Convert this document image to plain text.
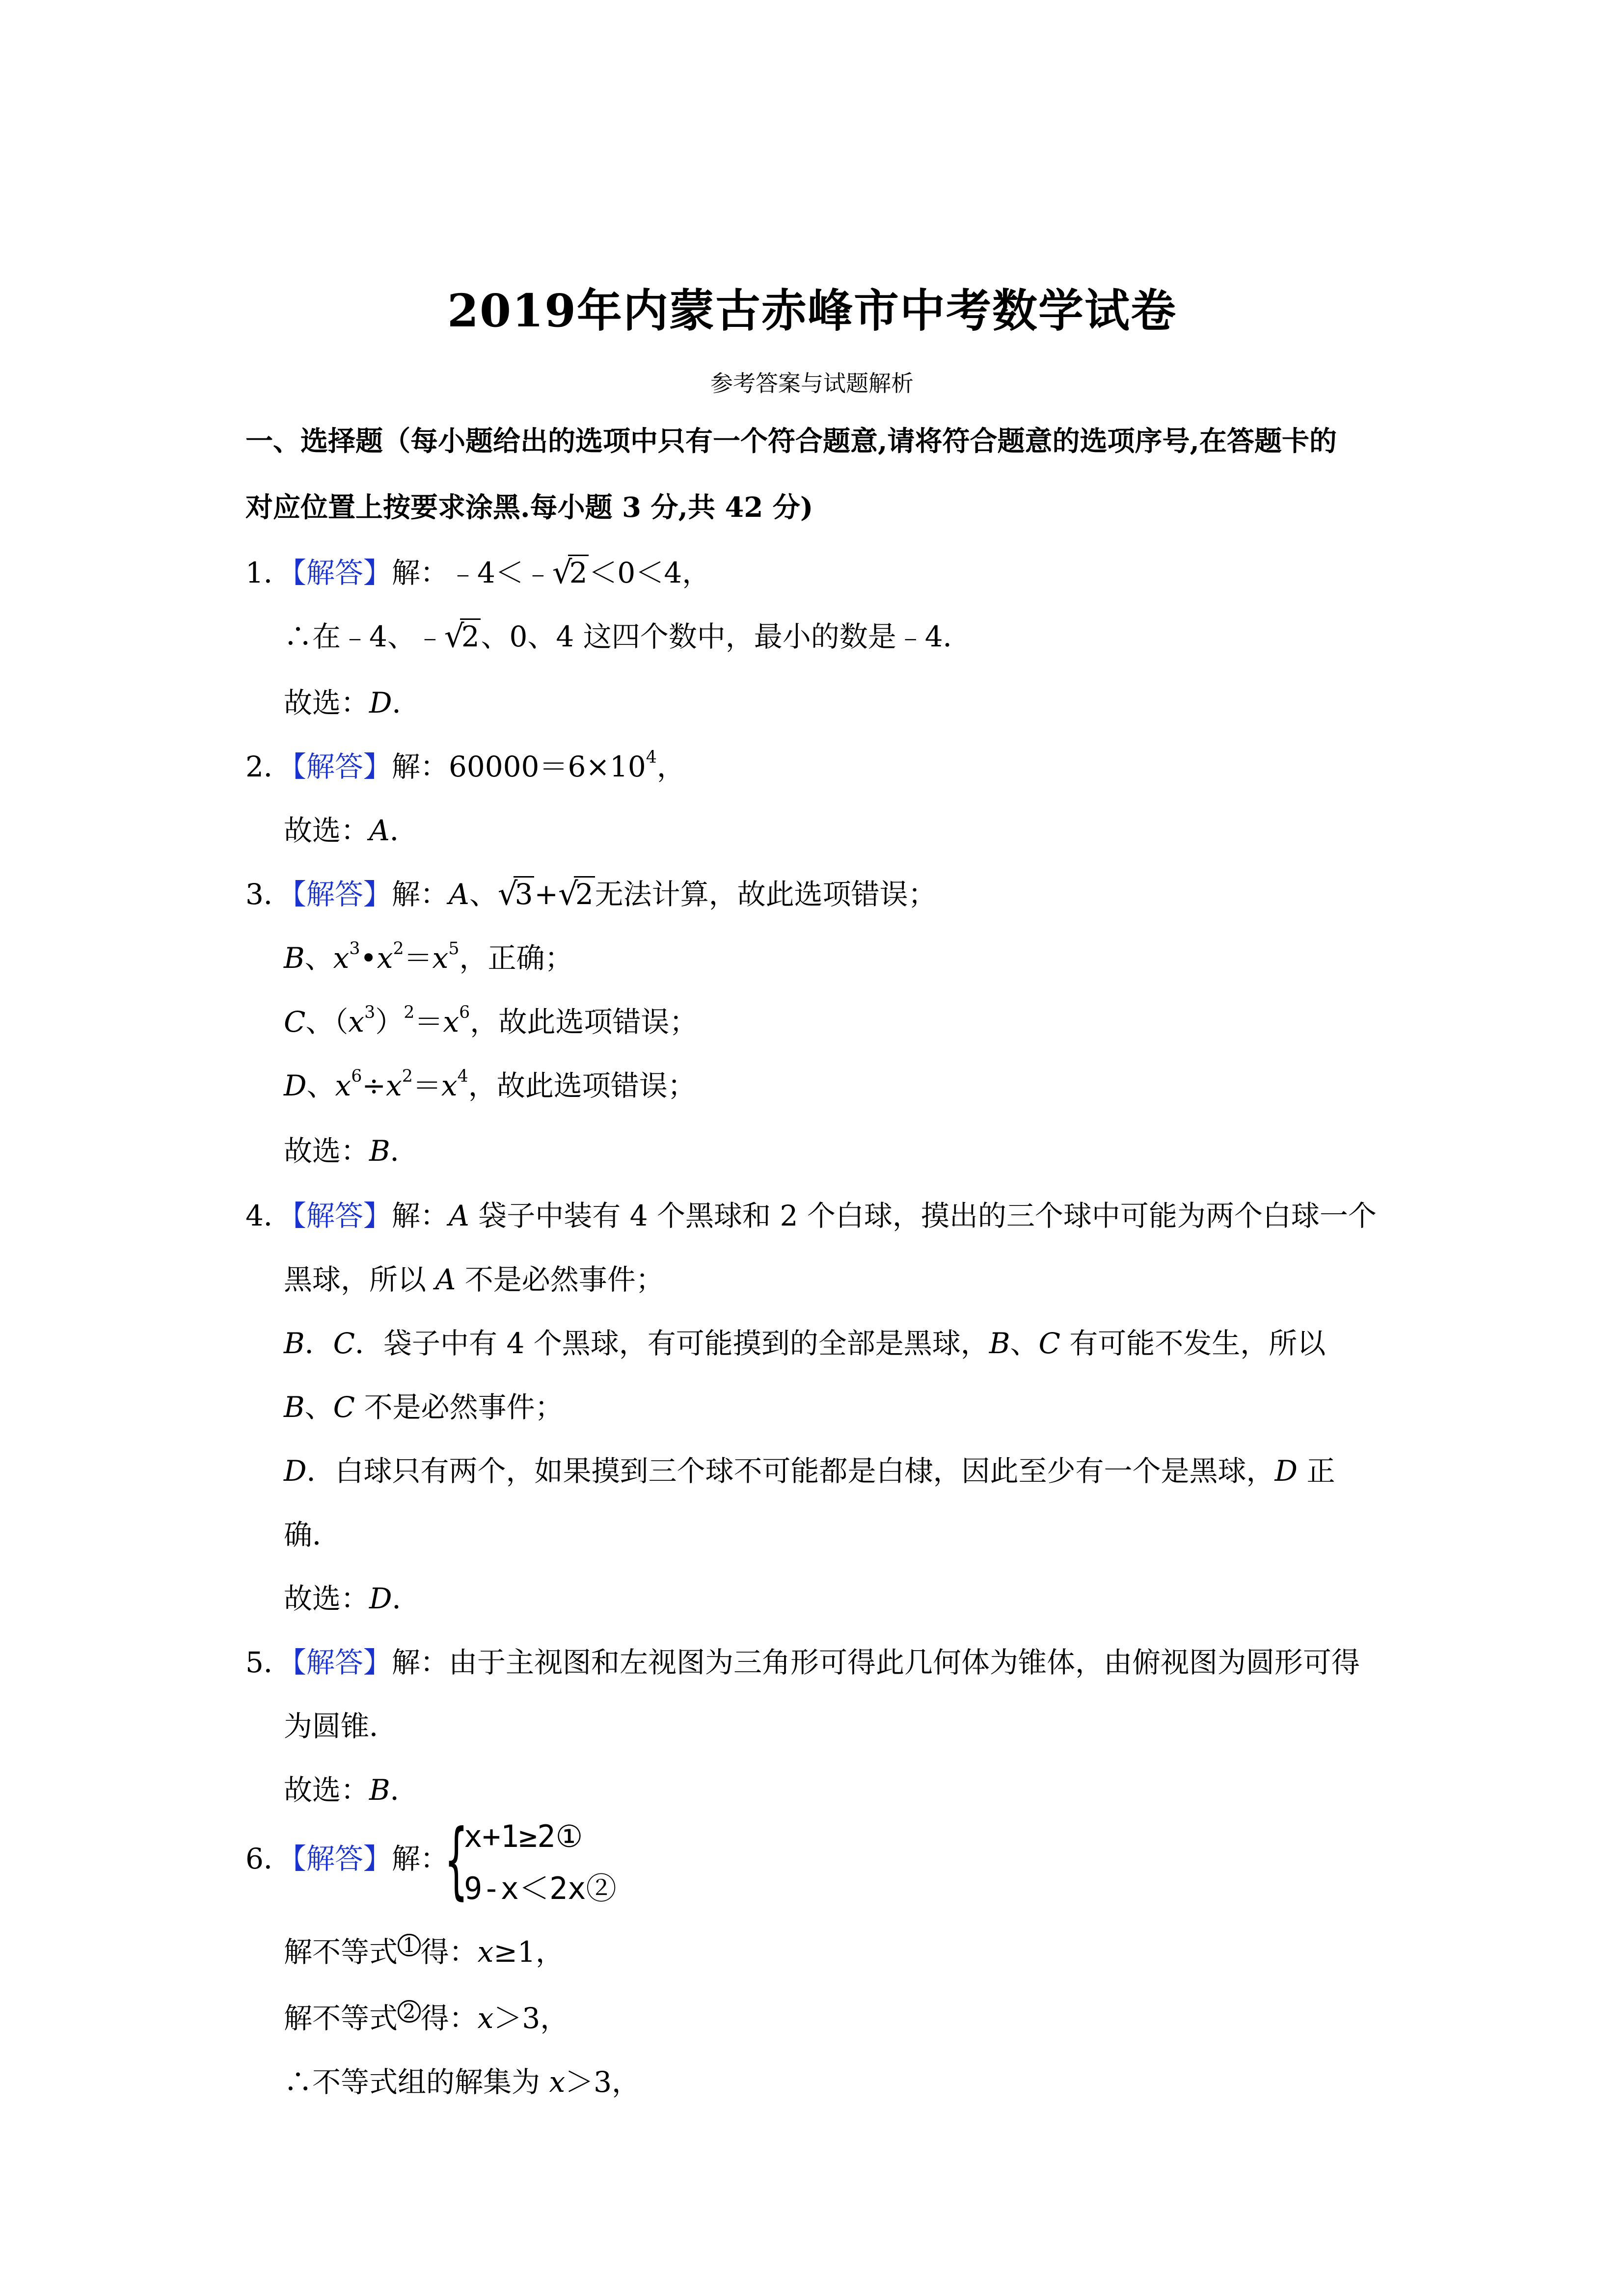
2019年内蒙古赤峰市中考数学试卷
参考答案与试题解析
一、选择题（每小题给出的选项中只有一个符合题意,请将符合题意的选项序号,在答题卡的
对应位置上按要求涂黑.每小题 3 分,共 42 分)
1．【解答】解：﹣4＜﹣ √
2＜0＜4，
∴在﹣4、﹣ √
2、0、4 这四个数中，最小的数是﹣4．
故选：D．
2．【解答】解：$60000=6\times 10^4$，
故选：A．
3．【解答】解：A、 √
3+ √
2无法计算，故此选项错误；
B、$x^3•x^2=x^5$，正确；
C、$(x^3)^2=x^6$，故此选项错误；
D、$x^6\div x^2=x^4$，故此选项错误；
故选：B．
4．【解答】解：A 袋子中装有 4 个黑球和 2 个白球，摸出的三个球中可能为两个白球一个
黑球，所以 A 不是必然事件；
B．C．袋子中有 4 个黑球，有可能摸到的全部是黑球，B、C 有可能不发生，所以
B、C 不是必然事件；
D．白球只有两个，如果摸到三个球不可能都是白棣，因此至少有一个是黑球，D 正
确．
故选：D．
5．【解答】解：由于主视图和左视图为三角形可得此几何体为锥体，由俯视图为圆形可得
为圆锥．
故选：B．
6．【解答】解：
{
x+1≥2①
9-x＜2x②
解不等式 1 得：x≥1，
解不等式 2 得：x＞3，
∴不等式组的解集为 x＞3，
